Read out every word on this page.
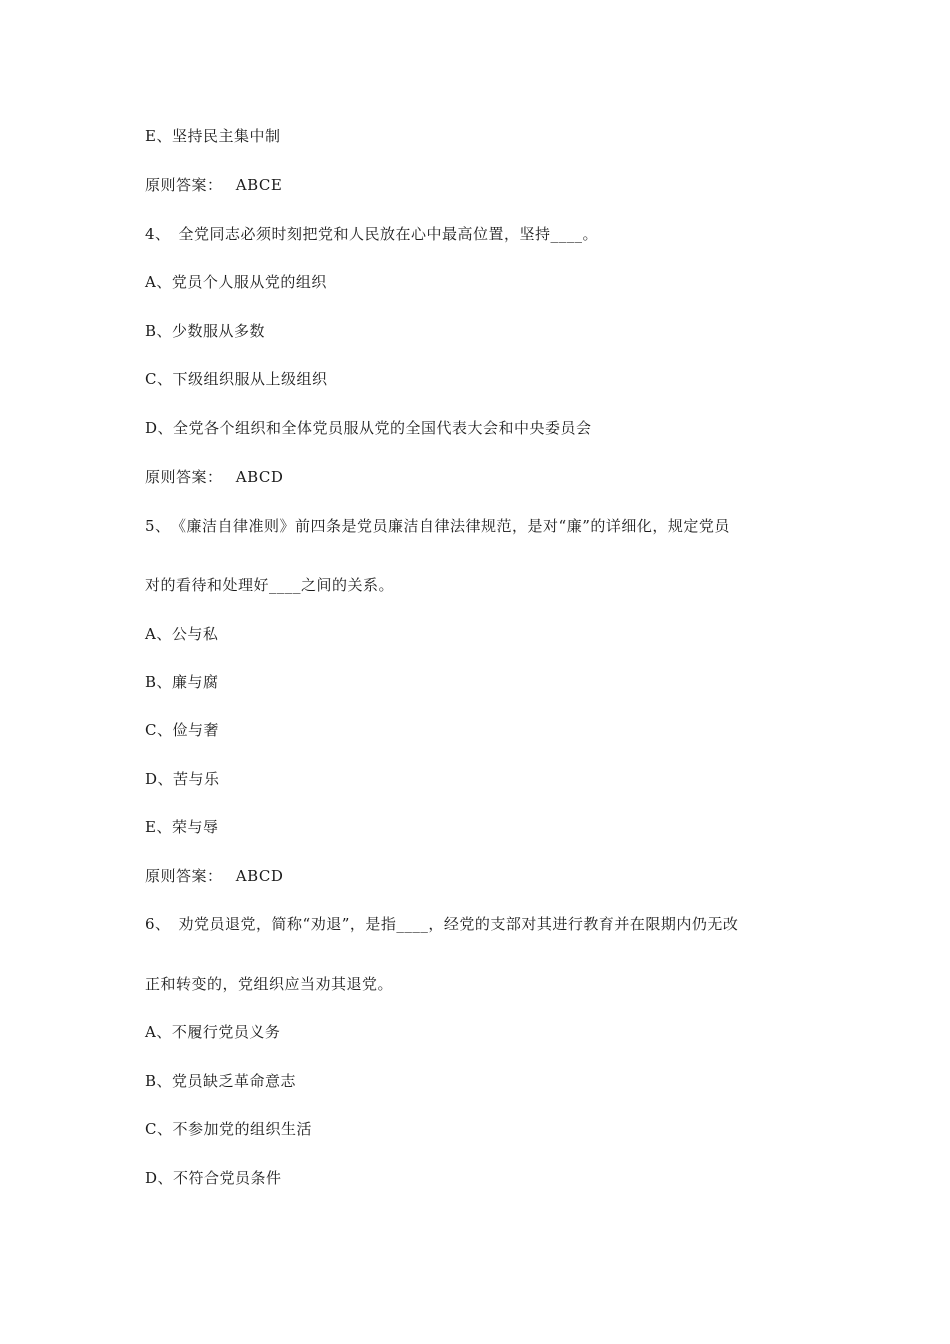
E、坚持民主集中制
原则答案：　 ABCE
4、　全党同志必须时刻把党和人民放在心中最高位置，坚持____。
A、党员个人服从党的组织
B、少数服从多数
C、下级组织服从上级组织
D、全党各个组织和全体党员服从党的全国代表大会和中央委员会
原则答案：　 ABCD
5、　《廉洁自律准则》前四条是党员廉洁自律法律规范，是对“廉”的详细化，规定党员
对的看待和处理好____之间的关系。
A、公与私
B、廉与腐
C、俭与奢
D、苦与乐
E、荣与辱
原则答案：　 ABCD
6、　劝党员退党，简称“劝退”，是指____，经党的支部对其进行教育并在限期内仍无改
正和转变的，党组织应当劝其退党。
A、不履行党员义务
B、党员缺乏革命意志
C、不参加党的组织生活
D、不符合党员条件
